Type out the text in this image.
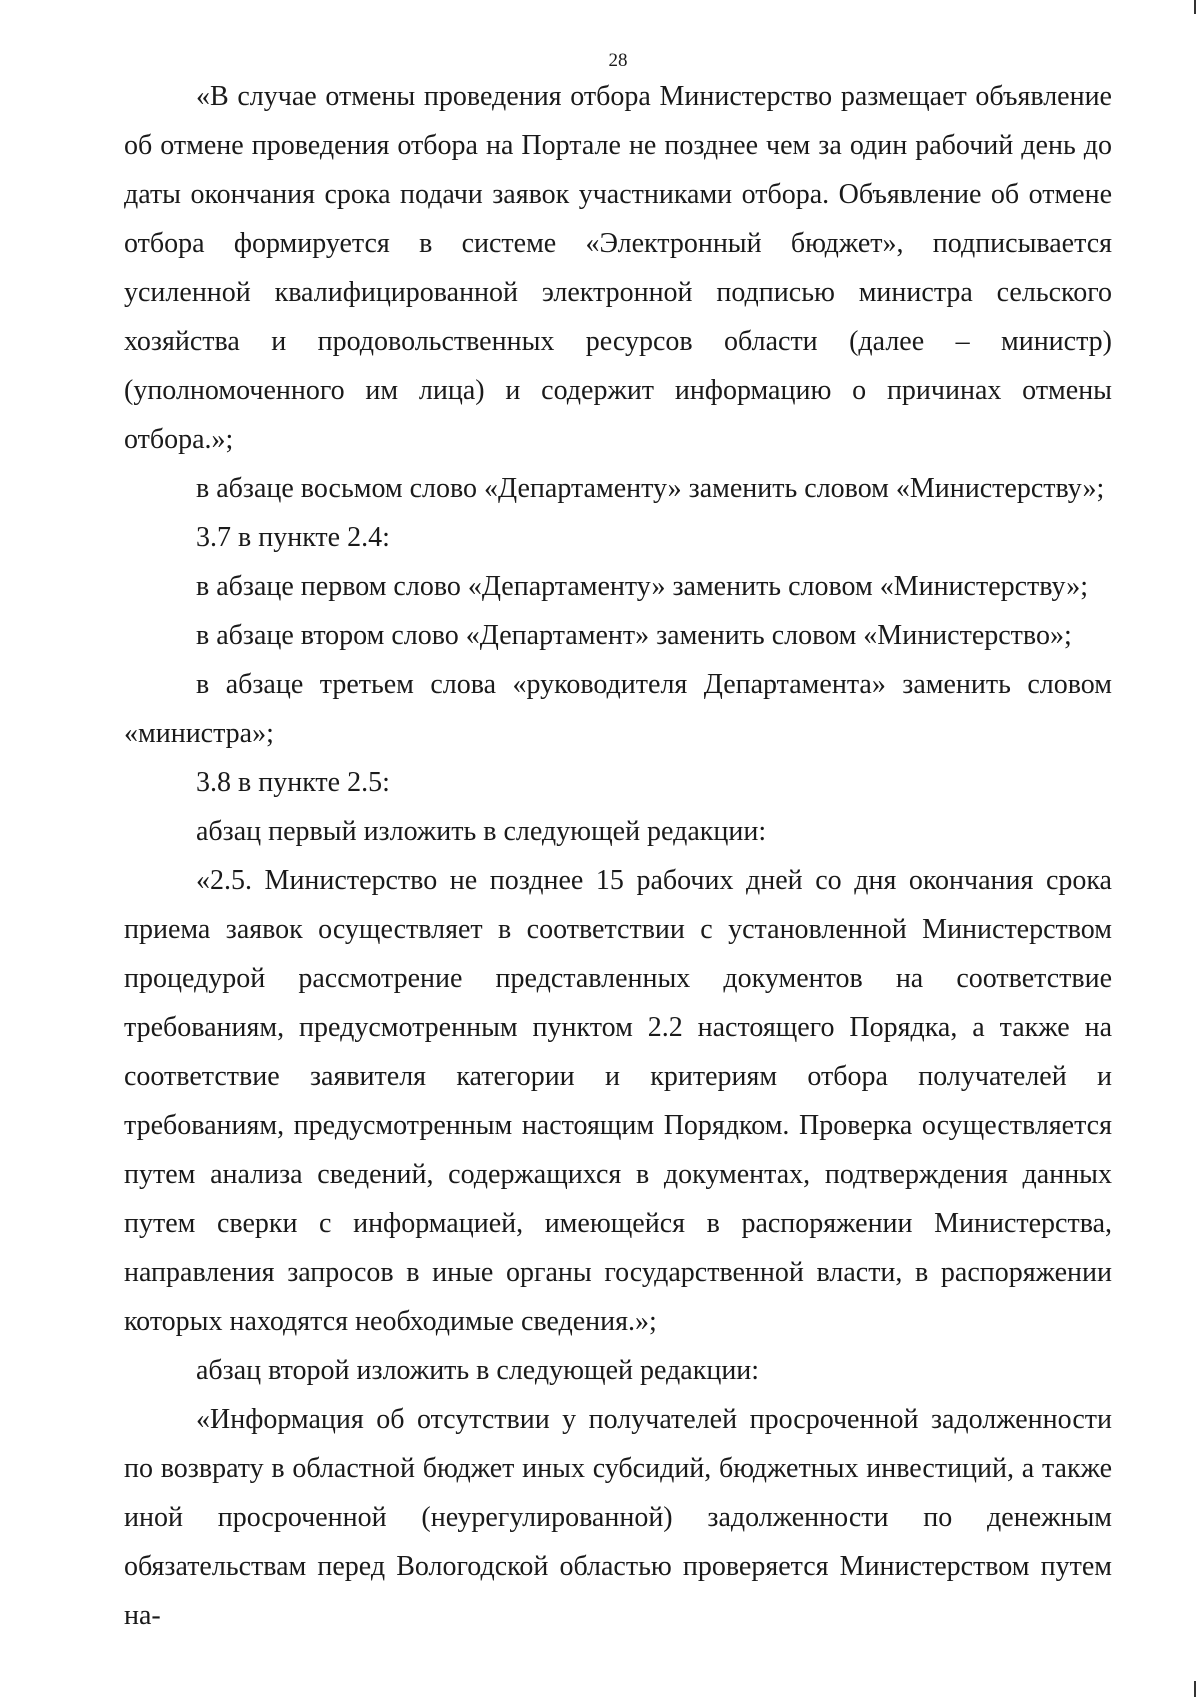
28

«В случае отмены проведения отбора Министерство размещает объявление об отмене проведения отбора на Портале не позднее чем за один рабочий день до даты окончания срока подачи заявок участниками отбора. Объявление об отмене отбора формируется в системе «Электронный бюджет», подписывается усиленной квалифицированной электронной подписью министра сельского хозяйства и продовольственных ресурсов области (далее – министр) (уполномоченного им лица) и содержит информацию о причинах отмены отбора.»;

в абзаце восьмом слово «Департаменту» заменить словом «Министерству»;

3.7 в пункте 2.4:

в абзаце первом слово «Департаменту» заменить словом «Министерству»;

в абзаце втором слово «Департамент» заменить словом «Министерство»;

в абзаце третьем слова «руководителя Департамента» заменить словом «министра»;

3.8 в пункте 2.5:

абзац первый изложить в следующей редакции:

«2.5. Министерство не позднее 15 рабочих дней со дня окончания срока приема заявок осуществляет в соответствии с установленной Министерством процедурой рассмотрение представленных документов на соответствие требованиям, предусмотренным пунктом 2.2 настоящего Порядка, а также на соответствие заявителя категории и критериям отбора получателей и требованиям, предусмотренным настоящим Порядком. Проверка осуществляется путем анализа сведений, содержащихся в документах, подтверждения данных путем сверки с информацией, имеющейся в распоряжении Министерства, направления запросов в иные органы государственной власти, в распоряжении которых находятся необходимые сведения.»;

абзац второй изложить в следующей редакции:

«Информация об отсутствии у получателей просроченной задолженности по возврату в областной бюджет иных субсидий, бюджетных инвестиций, а также иной просроченной (неурегулированной) задолженности по денежным обязательствам перед Вологодской областью проверяется Министерством путем на-
